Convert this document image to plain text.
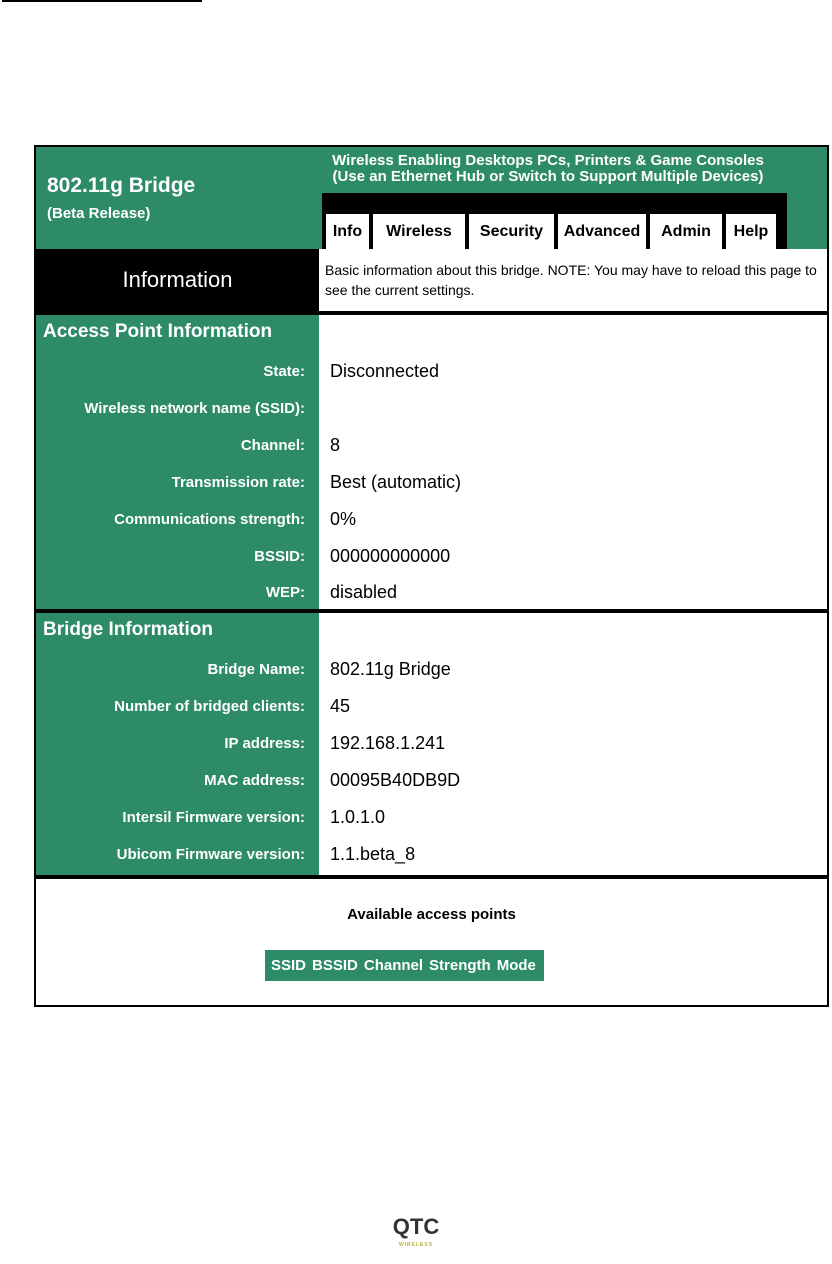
802.11g Bridge
(Beta Release)
Wireless Enabling Desktops PCs, Printers & Game Consoles
(Use an Ethernet Hub or Switch to Support Multiple Devices)
Info	Wireless	Security	Advanced	Admin	Help
Information	Basic information about this bridge. NOTE: You may have to reload this page to see the current settings.
Access Point Information
State: Disconnected
Wireless network name (SSID):
Channel: 8
Transmission rate: Best (automatic)
Communications strength: 0%
BSSID: 000000000000
WEP: disabled
Bridge Information
Bridge Name: 802.11g Bridge
Number of bridged clients: 45
IP address: 192.168.1.241
MAC address: 00095B40DB9D
Intersil Firmware version: 1.0.1.0
Ubicom Firmware version: 1.1.beta_8
Available access points
SSID BSSID Channel Strength Mode
QTC
WIRELESS
